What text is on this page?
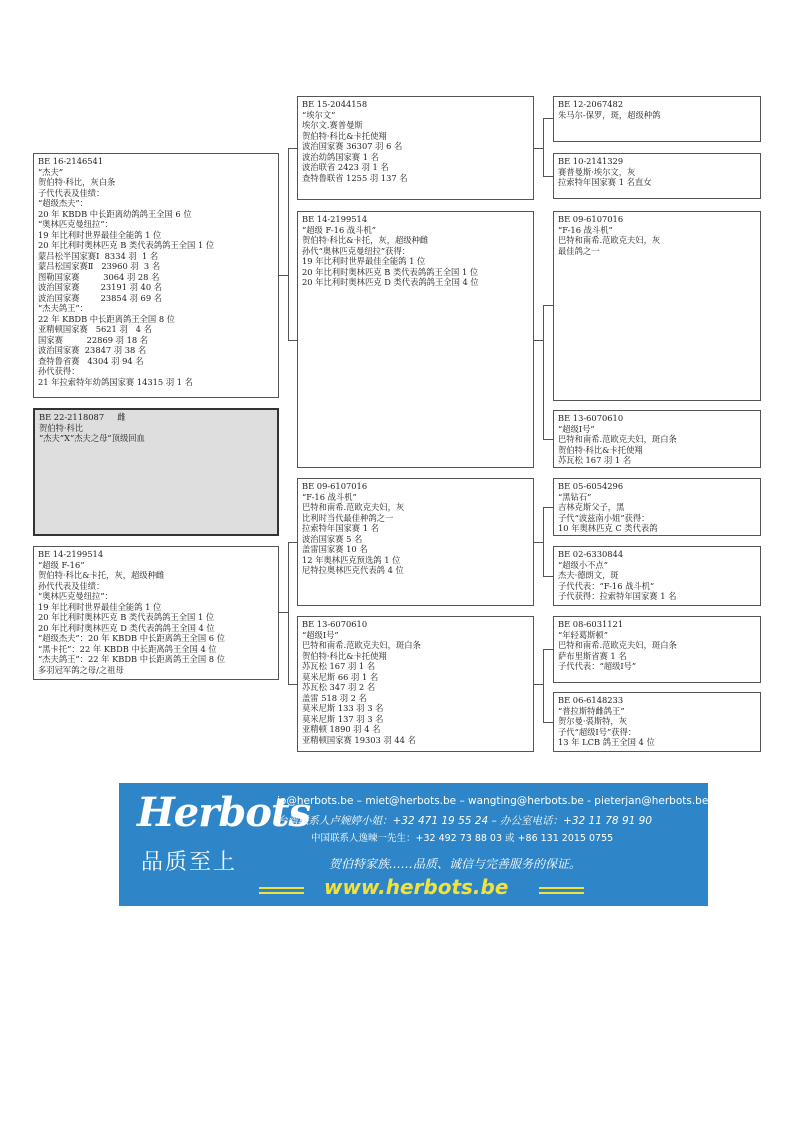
BE 12-2067482
朱马尔-保罗，斑，超级种鸽
BE 10-2141329
赛普曼斯·埃尔文，灰
拉索特年国家赛 1 名直女
BE 09-6107016
“F-16 战斗机”
巴特和南希.范欧克夫妇，灰
最佳鸽之一
BE 13-6070610
“超级Ⅰ号”
巴特和南希.范欧克夫妇，斑白条
贺伯特·科比&卡托使翔
苏瓦松 167 羽 1 名
BE 05-6054296
“黑钻石”
吉林克斯父子，黑
子代“波兹南小姐”获得：
10 年奥林匹克 C 类代表鸽
BE 02-6330844
“超级小不点”
杰夫·德朗文，斑
子代代表：“F-16 战斗机”
子代获得：拉索特年国家赛 1 名
BE 08-6031121
“年轻葛斯顿”
巴特和南希.范欧克夫妇，斑白条
萨布里斯省赛 1 名
子代代表：“超级Ⅰ号”
BE 06-6148233
“普拉斯特雌鸽王”
贺尔曼·裘斯特，灰
子代“超级Ⅰ号”获得：
13 年 LCB 鸽王全国 4 位
BE 15-2044158
“埃尔文”
埃尔文.赛普曼斯
贺伯特·科比&卡托使翔
波治国家赛 36307 羽 6 名
波治幼鸽国家赛 1 名
波治联省 2423 羽 1 名
查特鲁联省 1255 羽 137 名
BE 14-2199514
“超级 F-16 战斗机”
贺伯特·科比&卡托，灰，超级种雌
孙代“奥林匹克曼纽拉”获得：
19 年比利时世界最佳全能鸽 1 位
20 年比利时奥林匹克 B 类代表鸽鸽王全国 1 位
20 年比利时奥林匹克 D 类代表鸽鸽王全国 4 位
BE 09-6107016
“F-16 战斗机”
巴特和南希.范欧克夫妇，灰
比利时当代最佳种鸽之一
拉索特年国家赛 1 名
波治国家赛 5 名
盖雷国家赛 10 名
12 年奥林匹克预选鸽 1 位
尼特拉奥林匹克代表鸽 4 位
BE 13-6070610
“超级Ⅰ号”
巴特和南希.范欧克夫妇，斑白条
贺伯特·科比&卡托使翔
苏瓦松 167 羽 1 名
莫米尼斯 66 羽 1 名
苏瓦松 347 羽 2 名
盖雷 518 羽 2 名
莫米尼斯 133 羽 3 名
莫米尼斯 137 羽 3 名
亚精顿 1890 羽 4 名
亚精顿国家赛 19303 羽 44 名
BE 16-2146541
“杰夫”
贺伯特·科比，灰白条
子代代表及佳绩：
“超级杰夫”：
20 年 KBDB 中长距离幼鸽鸽王全国 6 位
“奥林匹克曼纽拉”：
19 年比利时世界最佳全能鸽 1 位
20 年比利时奥林匹克 B 类代表鸽鸽王全国 1 位
蒙吕松半国家赛Ⅰ  8334 羽  1 名
蒙吕松国家赛Ⅱ   23960 羽  3 名
图勒国家赛         3064 羽 28 名
波治国家赛        23191 羽 40 名
波治国家赛        23854 羽 69 名
“杰夫鸽王”：
22 年 KBDB 中长距离鸽王全国 8 位
亚精顿国家赛   5621 羽   4 名
国家赛         22869 羽 18 名
波治国家赛  23847 羽 38 名
查特鲁省赛   4304 羽 94 名
孙代获得：
21 年拉索特年幼鸽国家赛 14315 羽 1 名
BE 22-2118087     雌
贺伯特·科比
“杰夫”X“杰夫之母”顶级回血
BE 14-2199514
“超级 F-16”
贺伯特·科比&卡托，灰，超级种雌
孙代代表及佳绩：
“奥林匹克曼纽拉”：
19 年比利时世界最佳全能鸽 1 位
20 年比利时奥林匹克 B 类代表鸽鸽王全国 1 位
20 年比利时奥林匹克 D 类代表鸽鸽王全国 4 位
“超级杰夫”：20 年 KBDB 中长距离鸽王全国 6 位
“黑卡托”：22 年 KBDB 中长距离鸽王全国 4 位
“杰夫鸽王”：22 年 KBDB 中长距离鸽王全国 8 位
多羽冠军鸽之母/之祖母
Herbots
品质至上
jo@herbots.be – miet@herbots.be – wangting@herbots.be - pieterjan@herbots.be
台湾联系人卢婉婷小姐：+32 471 19 55 24 – 办公室电话：+32 11 78 91 90
中国联系人逸暕一先生：+32 492 73 88 03 或 +86 131 2015 0755
贺伯特家族……品质、诚信与完善服务的保证。
www.herbots.be
